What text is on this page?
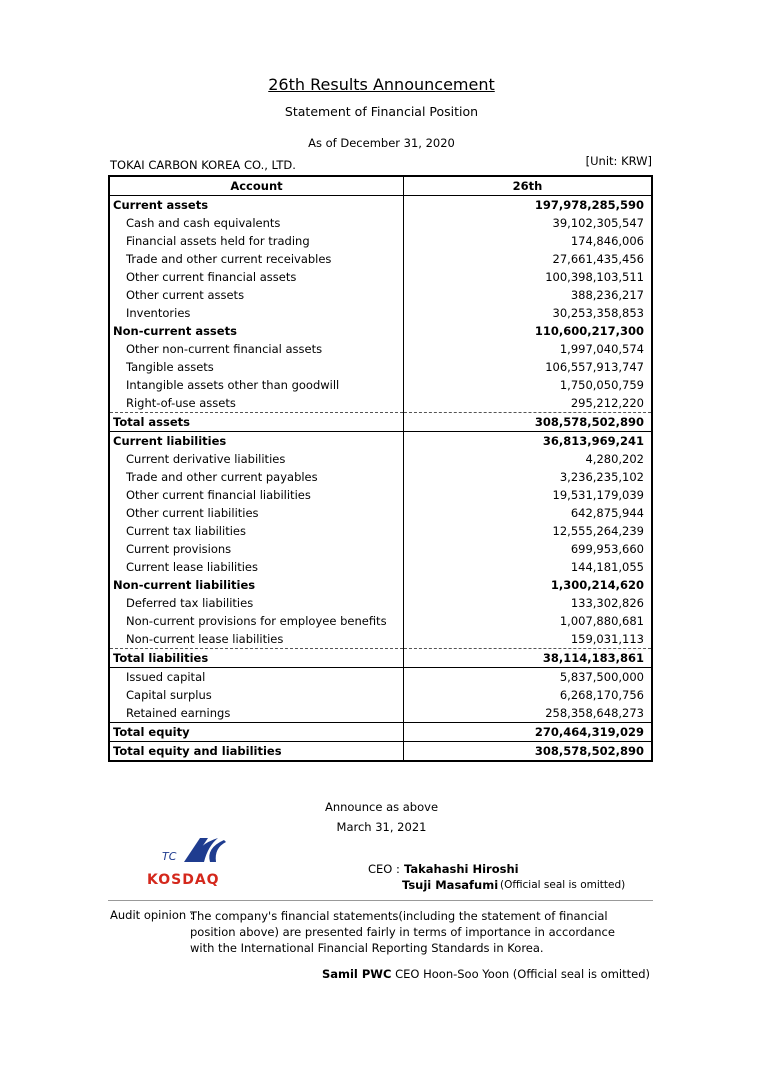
26th Results Announcement
Statement of Financial Position
As of December 31, 2020
TOKAI CARBON KOREA CO., LTD.	[Unit: KRW]
Account	26th
Current assets	197,978,285,590
Cash and cash equivalents	39,102,305,547
Financial assets held for trading	174,846,006
Trade and other current receivables	27,661,435,456
Other current financial assets	100,398,103,511
Other current assets	388,236,217
Inventories	30,253,358,853
Non-current assets	110,600,217,300
Other non-current financial assets	1,997,040,574
Tangible assets	106,557,913,747
Intangible assets other than goodwill	1,750,050,759
Right-of-use assets	295,212,220
Total assets	308,578,502,890
Current liabilities	36,813,969,241
Current derivative liabilities	4,280,202
Trade and other current payables	3,236,235,102
Other current financial liabilities	19,531,179,039
Other current liabilities	642,875,944
Current tax liabilities	12,555,264,239
Current provisions	699,953,660
Current lease liabilities	144,181,055
Non-current liabilities	1,300,214,620
Deferred tax liabilities	133,302,826
Non-current provisions for employee benefits	1,007,880,681
Non-current lease liabilities	159,031,113
Total liabilities	38,114,183,861
Issued capital	5,837,500,000
Capital surplus	6,268,170,756
Retained earnings	258,358,648,273
Total equity	270,464,319,029
Total equity and liabilities	308,578,502,890
Announce as above
March 31, 2021
TC
KOSDAQ
CEO : Takahashi Hiroshi
Tsuji Masafumi (Official seal is omitted)
Audit opinion :
The company's financial statements(including the statement of financial position above) are presented fairly in terms of importance in accordance with the International Financial Reporting Standards in Korea.
Samil PWC CEO Hoon-Soo Yoon (Official seal is omitted)
